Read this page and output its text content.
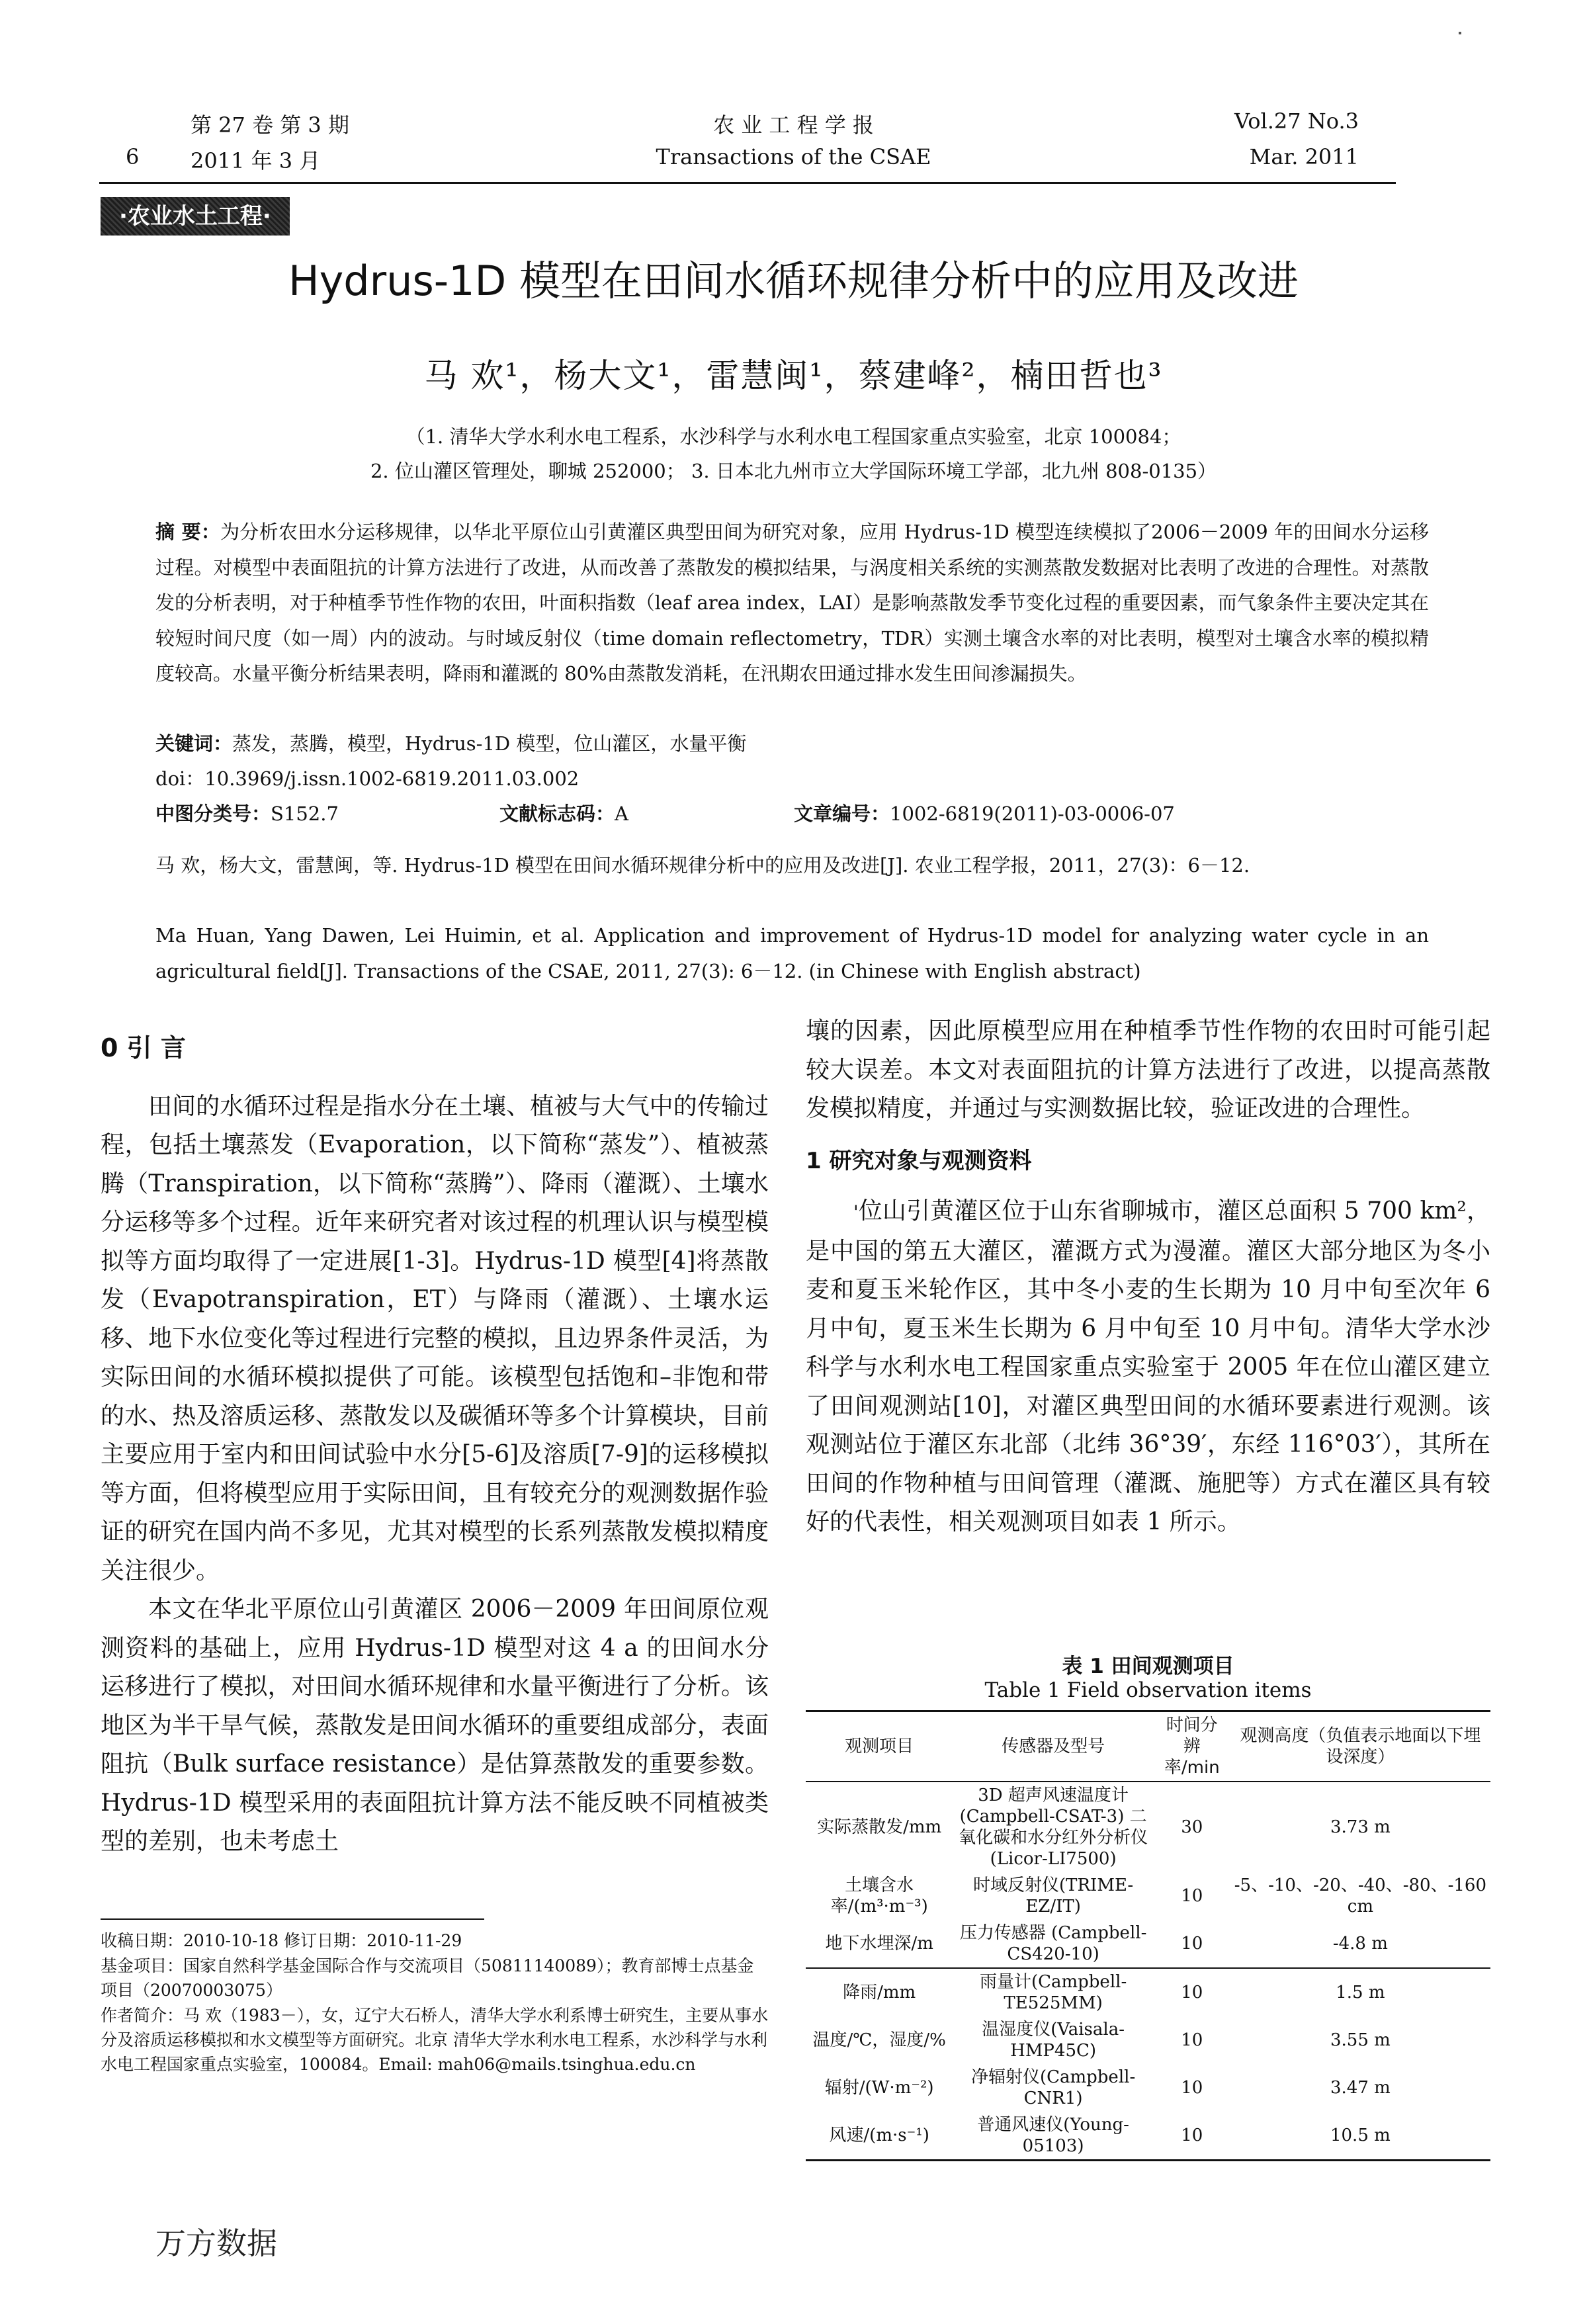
6
第 27 卷 第 3 期
2011 年 3 月
农 业 工 程 学 报
Transactions of the CSAE
Vol.27 No.3
Mar. 2011
·农业水土工程·
Hydrus-1D 模型在田间水循环规律分析中的应用及改进
马 欢¹，杨大文¹，雷慧闽¹，蔡建峰²，楠田哲也³
（1. 清华大学水利水电工程系，水沙科学与水利水电工程国家重点实验室，北京 100084；
2. 位山灌区管理处，聊城 252000； 3. 日本北九州市立大学国际环境工学部，北九州 808-0135）
摘 要：为分析农田水分运移规律，以华北平原位山引黄灌区典型田间为研究对象，应用 Hydrus-1D 模型连续模拟了2006－2009 年的田间水分运移过程。对模型中表面阻抗的计算方法进行了改进，从而改善了蒸散发的模拟结果，与涡度相关系统的实测蒸散发数据对比表明了改进的合理性。对蒸散发的分析表明，对于种植季节性作物的农田，叶面积指数（leaf area index，LAI）是影响蒸散发季节变化过程的重要因素，而气象条件主要决定其在较短时间尺度（如一周）内的波动。与时域反射仪（time domain reflectometry，TDR）实测土壤含水率的对比表明，模型对土壤含水率的模拟精度较高。水量平衡分析结果表明，降雨和灌溉的 80%由蒸散发消耗，在汛期农田通过排水发生田间渗漏损失。
关键词：蒸发，蒸腾，模型，Hydrus-1D 模型，位山灌区，水量平衡
doi：10.3969/j.issn.1002-6819.2011.03.002
中图分类号：S152.7	文献标志码：A	文章编号：1002-6819(2011)-03-0006-07
马 欢，杨大文，雷慧闽，等. Hydrus-1D 模型在田间水循环规律分析中的应用及改进[J]. 农业工程学报，2011，27(3)：6－12.
Ma Huan, Yang Dawen, Lei Huimin, et al. Application and improvement of Hydrus-1D model for analyzing water cycle in an agricultural field[J]. Transactions of the CSAE, 2011, 27(3): 6－12. (in Chinese with English abstract)
0 引 言

田间的水循环过程是指水分在土壤、植被与大气中的传输过程，包括土壤蒸发（Evaporation，以下简称“蒸发”）、植被蒸腾（Transpiration，以下简称“蒸腾”）、降雨（灌溉）、土壤水分运移等多个过程。近年来研究者对该过程的机理认识与模型模拟等方面均取得了一定进展[1-3]。Hydrus-1D 模型[4]将蒸散发（Evapotranspiration，ET）与降雨（灌溉）、土壤水运移、地下水位变化等过程进行完整的模拟，且边界条件灵活，为实际田间的水循环模拟提供了可能。该模型包括饱和–非饱和带的水、热及溶质运移、蒸散发以及碳循环等多个计算模块，目前主要应用于室内和田间试验中水分[5-6]及溶质[7-9]的运移模拟等方面，但将模型应用于实际田间，且有较充分的观测数据作验证的研究在国内尚不多见，尤其对模型的长系列蒸散发模拟精度关注很少。

本文在华北平原位山引黄灌区 2006－2009 年田间原位观测资料的基础上，应用 Hydrus-1D 模型对这 4 a 的田间水分运移进行了模拟，对田间水循环规律和水量平衡进行了分析。该地区为半干旱气候，蒸散发是田间水循环的重要组成部分，表面阻抗（Bulk surface resistance）是估算蒸散发的重要参数。Hydrus-1D 模型采用的表面阻抗计算方法不能反映不同植被类型的差别，也未考虑土

壤的因素，因此原模型应用在种植季节性作物的农田时可能引起较大误差。本文对表面阻抗的计算方法进行了改进，以提高蒸散发模拟精度，并通过与实测数据比较，验证改进的合理性。

1 研究对象与观测资料

'位山引黄灌区位于山东省聊城市，灌区总面积 5 700 km²，是中国的第五大灌区，灌溉方式为漫灌。灌区大部分地区为冬小麦和夏玉米轮作区，其中冬小麦的生长期为 10 月中旬至次年 6 月中旬，夏玉米生长期为 6 月中旬至 10 月中旬。清华大学水沙科学与水利水电工程国家重点实验室于 2005 年在位山灌区建立了田间观测站[10]，对灌区典型田间的水循环要素进行观测。该观测站位于灌区东北部（北纬 36°39′，东经 116°03′），其所在田间的作物种植与田间管理（灌溉、施肥等）方式在灌区具有较好的代表性，相关观测项目如表 1 所示。

表 1 田间观测项目
Table 1 Field observation items
观测项目	传感器及型号	时间分辨率/min	观测高度（负值表示地面以下埋设深度）
实际蒸散发/mm	3D 超声风速温度计 (Campbell-CSAT-3) 二氧化碳和水分红外分析仪 (Licor-LI7500)	30	3.73 m
土壤含水率/(m³·m⁻³)	时域反射仪(TRIME-EZ/IT)	10	-5、-10、-20、-40、-80、-160 cm
地下水埋深/m	压力传感器 (Campbell-CS420-10)	10	-4.8 m
降雨/mm	雨量计(Campbell-TE525MM)	10	1.5 m
温度/℃，湿度/%	温湿度仪(Vaisala-HMP45C)	10	3.55 m
辐射/(W·m⁻²)	净辐射仪(Campbell-CNR1)	10	3.47 m
风速/(m·s⁻¹)	普通风速仪(Young-05103)	10	10.5 m
收稿日期：2010-10-18 修订日期：2010-11-29
基金项目：国家自然科学基金国际合作与交流项目（50811140089）；教育部博士点基金项目（20070003075）
作者简介：马 欢（1983－），女，辽宁大石桥人，清华大学水利系博士研究生，主要从事水分及溶质运移模拟和水文模型等方面研究。北京 清华大学水利水电工程系，水沙科学与水利水电工程国家重点实验室，100084。Email: mah06@mails.tsinghua.edu.cn
万方数据
